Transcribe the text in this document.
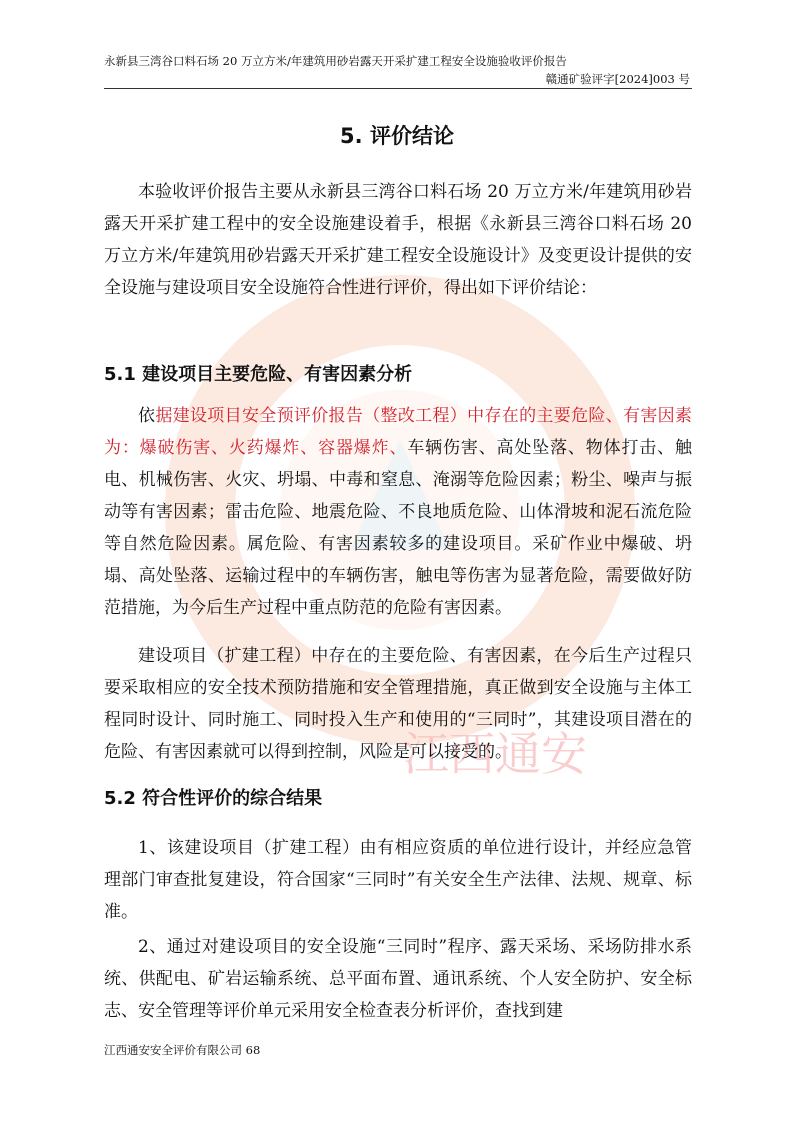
永新县三湾谷口料石场 20 万立方米/年建筑用砂岩露天开采扩建工程安全设施验收评价报告
赣通矿验评字[2024]003 号
江西通安
5. 评价结论

本验收评价报告主要从永新县三湾谷口料石场 20 万立方米/年建筑用砂岩露天开采扩建工程中的安全设施建设着手，根据《永新县三湾谷口料石场 20 万立方米/年建筑用砂岩露天开采扩建工程安全设施设计》及变更设计提供的安全设施与建设项目安全设施符合性进行评价，得出如下评价结论：

5.1 建设项目主要危险、有害因素分析

依据建设项目安全预评价报告（整改工程）中存在的主要危险、有害因素为：爆破伤害、火药爆炸、容器爆炸、车辆伤害、高处坠落、物体打击、触电、机械伤害、火灾、坍塌、中毒和窒息、淹溺等危险因素；粉尘、噪声与振动等有害因素；雷击危险、地震危险、不良地质危险、山体滑坡和泥石流危险等自然危险因素。属危险、有害因素较多的建设项目。采矿作业中爆破、坍塌、高处坠落、运输过程中的车辆伤害，触电等伤害为显著危险，需要做好防范措施，为今后生产过程中重点防范的危险有害因素。

建设项目（扩建工程）中存在的主要危险、有害因素，在今后生产过程只要采取相应的安全技术预防措施和安全管理措施，真正做到安全设施与主体工程同时设计、同时施工、同时投入生产和使用的“三同时”，其建设项目潜在的危险、有害因素就可以得到控制，风险是可以接受的。

5.2 符合性评价的综合结果

1、该建设项目（扩建工程）由有相应资质的单位进行设计，并经应急管理部门审查批复建设，符合国家“三同时”有关安全生产法律、法规、规章、标准。

2、通过对建设项目的安全设施“三同时”程序、露天采场、采场防排水系统、供配电、矿岩运输系统、总平面布置、通讯系统、个人安全防护、安全标志、安全管理等评价单元采用安全检查表分析评价，查找到建

江西通安安全评价有限公司 68
